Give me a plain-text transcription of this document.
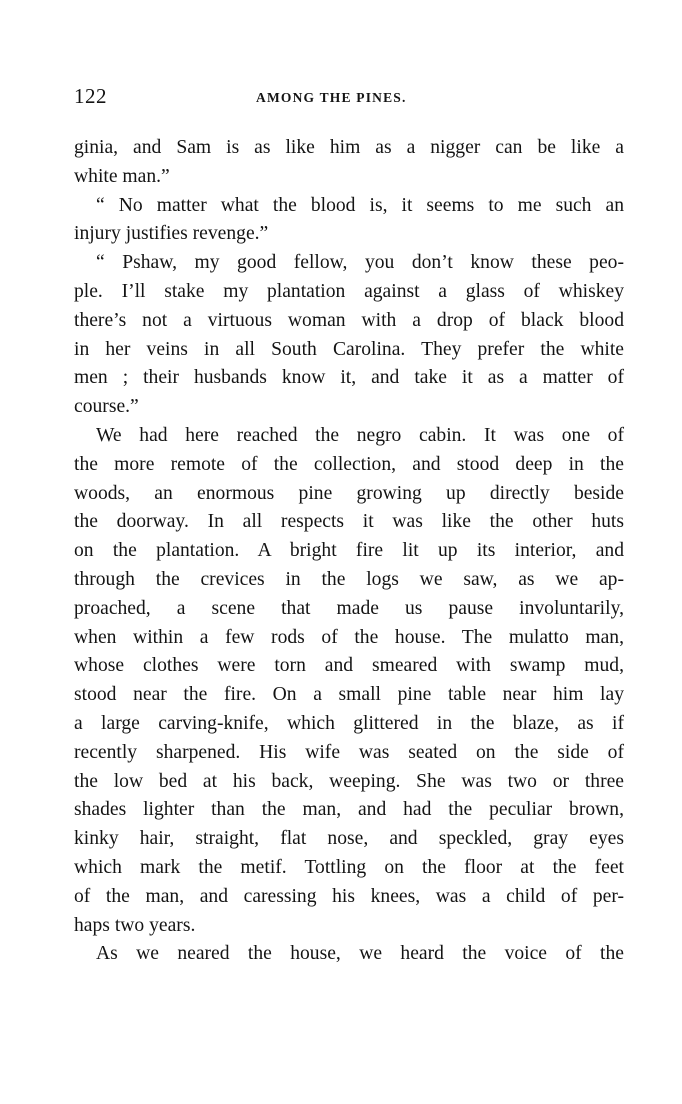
122	AMONG THE PINES.
ginia, and Sam is as like him as a nigger can be like a
white man.”
“ No matter what the blood is, it seems to me such an
injury justifies revenge.”
“ Pshaw, my good fellow, you don’t know these peo-
ple. I’ll stake my plantation against a glass of whiskey
there’s not a virtuous woman with a drop of black blood
in her veins in all South Carolina. They prefer the white
men ; their husbands know it, and take it as a matter of
course.”
We had here reached the negro cabin. It was one of
the more remote of the collection, and stood deep in the
woods, an enormous pine growing up directly beside
the doorway. In all respects it was like the other huts
on the plantation. A bright fire lit up its interior, and
through the crevices in the logs we saw, as we ap-
proached, a scene that made us pause involuntarily,
when within a few rods of the house. The mulatto man,
whose clothes were torn and smeared with swamp mud,
stood near the fire. On a small pine table near him lay
a large carving-knife, which glittered in the blaze, as if
recently sharpened. His wife was seated on the side of
the low bed at his back, weeping. She was two or three
shades lighter than the man, and had the peculiar brown,
kinky hair, straight, flat nose, and speckled, gray eyes
which mark the metif. Tottling on the floor at the feet
of the man, and caressing his knees, was a child of per-
haps two years.
As we neared the house, we heard the voice of the
